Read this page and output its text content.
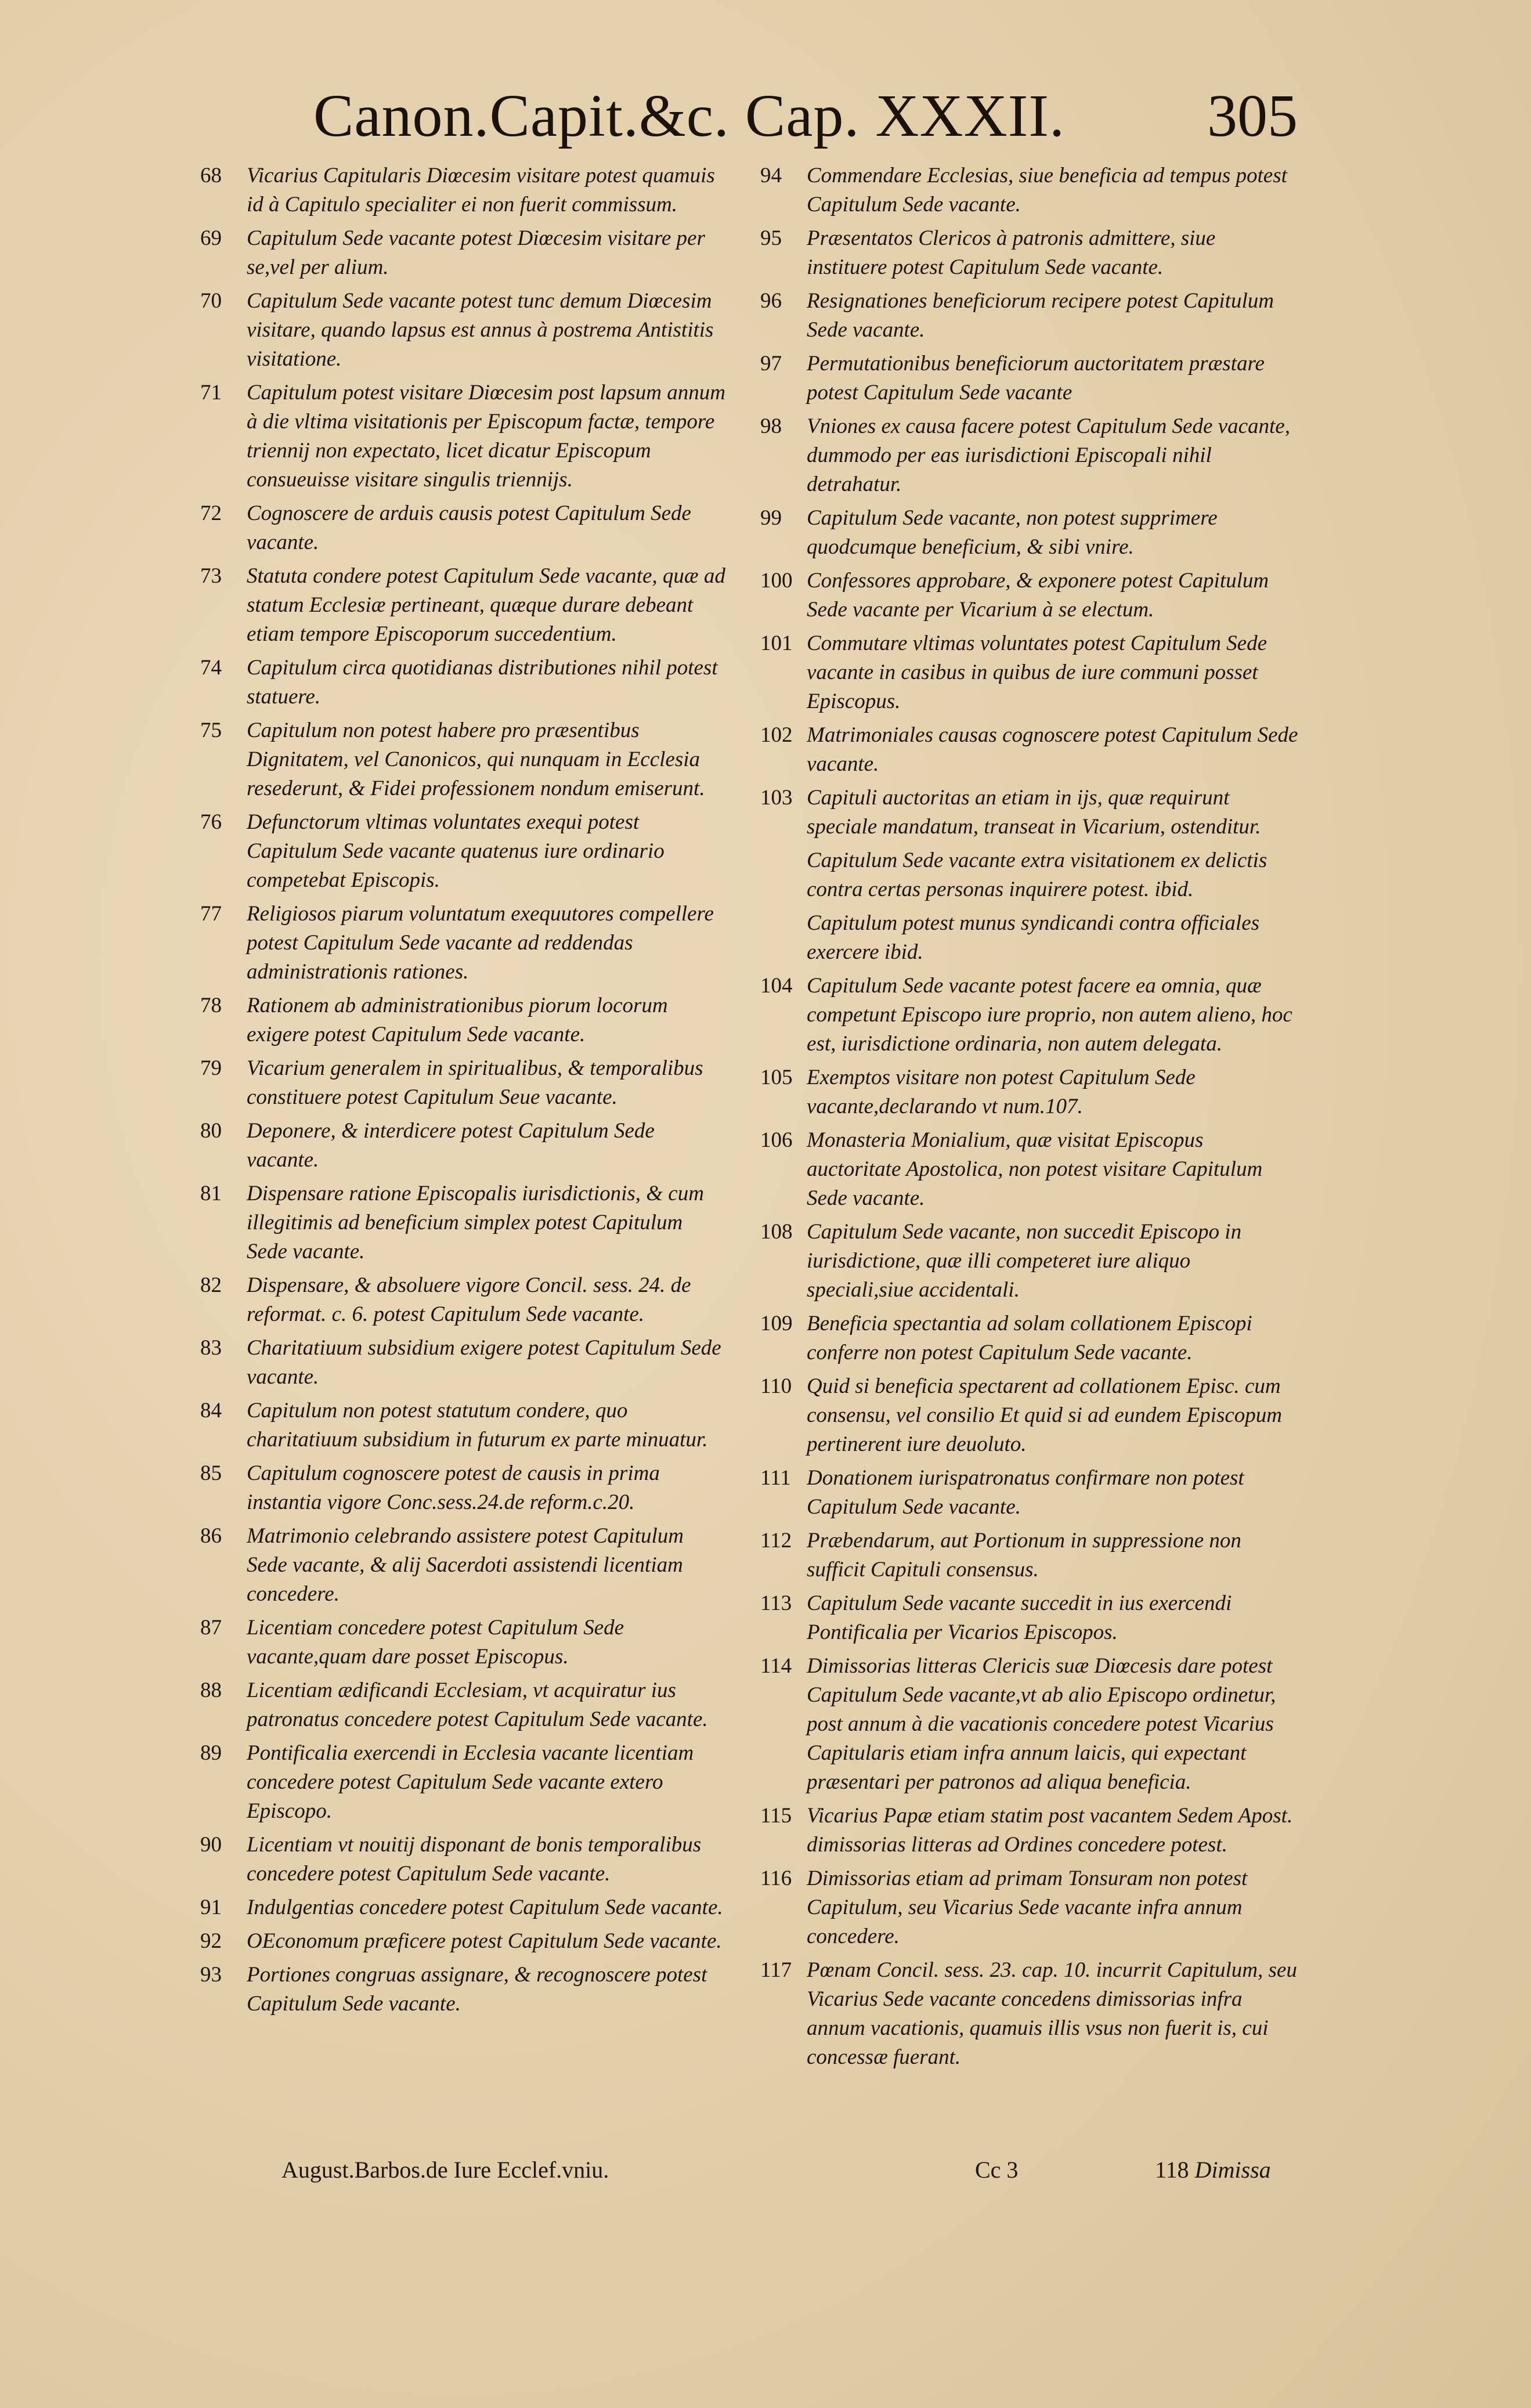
Canon.Capit.&c. Cap. XXXII. 305
68 Vicarius Capitularis Diœcesim visitare potest quamuis id à Capitulo specialiter ei non fuerit commissum.
69 Capitulum Sede vacante potest Diœcesim visitare per se,vel per alium.
70 Capitulum Sede vacante potest tunc demum Diœcesim visitare, quando lapsus est annus à postrema Antistitis visitatione.
71 Capitulum potest visitare Diœcesim post lapsum annum à die vltima visitationis per Episcopum factæ, tempore triennij non expectato, licet dicatur Episcopum consueuisse visitare singulis triennijs.
72 Cognoscere de arduis causis potest Capitulum Sede vacante.
73 Statuta condere potest Capitulum Sede vacante, quæ ad statum Ecclesiæ pertineant, quæque durare debeant etiam tempore Episcoporum succedentium.
74 Capitulum circa quotidianas distributiones nihil potest statuere.
75 Capitulum non potest habere pro præsentibus Dignitatem, vel Canonicos, qui nunquam in Ecclesia resederunt, & Fidei professionem nondum emiserunt.
76 Defunctorum vltimas voluntates exequi potest Capitulum Sede vacante quatenus iure ordinario competebat Episcopis.
77 Religiosos piarum voluntatum exequutores compellere potest Capitulum Sede vacante ad reddendas administrationis rationes.
78 Rationem ab administrationibus piorum locorum exigere potest Capitulum Sede vacante.
79 Vicarium generalem in spiritualibus, & temporalibus constituere potest Capitulum Seue vacante.
80 Deponere, & interdicere potest Capitulum Sede vacante.
81 Dispensare ratione Episcopalis iurisdictionis, & cum illegitimis ad beneficium simplex potest Capitulum Sede vacante.
82 Dispensare, & absoluere vigore Concil. sess. 24. de reformat. c. 6. potest Capitulum Sede vacante.
83 Charitatiuum subsidium exigere potest Capitulum Sede vacante.
84 Capitulum non potest statutum condere, quo charitatiuum subsidium in futurum ex parte minuatur.
85 Capitulum cognoscere potest de causis in prima instantia vigore Conc.sess.24.de reform.c.20.
86 Matrimonio celebrando assistere potest Capitulum Sede vacante, & alij Sacerdoti assistendi licentiam concedere.
87 Licentiam concedere potest Capitulum Sede vacante,quam dare posset Episcopus.
88 Licentiam ædificandi Ecclesiam, vt acquiratur ius patronatus concedere potest Capitulum Sede vacante.
89 Pontificalia exercendi in Ecclesia vacante licentiam concedere potest Capitulum Sede vacante extero Episcopo.
90 Licentiam vt nouitij disponant de bonis temporalibus concedere potest Capitulum Sede vacante.
91 Indulgentias concedere potest Capitulum Sede vacante.
92 OEconomum præficere potest Capitulum Sede vacante.
93 Portiones congruas assignare, & recognoscere potest Capitulum Sede vacante.
94 Commendare Ecclesias, siue beneficia ad tempus potest Capitulum Sede vacante.
95 Præsentatos Clericos à patronis admittere, siue instituere potest Capitulum Sede vacante.
96 Resignationes beneficiorum recipere potest Capitulum Sede vacante.
97 Permutationibus beneficiorum auctoritatem præstare potest Capitulum Sede vacante
98 Vniones ex causa facere potest Capitulum Sede vacante, dummodo per eas iurisdictioni Episcopali nihil detrahatur.
99 Capitulum Sede vacante, non potest supprimere quodcumque beneficium, & sibi vnire.
100 Confessores approbare, & exponere potest Capitulum Sede vacante per Vicarium à se electum.
101 Commutare vltimas voluntates potest Capitulum Sede vacante in casibus in quibus de iure communi posset Episcopus.
102 Matrimoniales causas cognoscere potest Capitulum Sede vacante.
103 Capituli auctoritas an etiam in ijs, quæ requirunt speciale mandatum, transeat in Vicarium, ostenditur.
Capitulum Sede vacante extra visitationem ex delictis contra certas personas inquirere potest. ibid.
Capitulum potest munus syndicandi contra officiales exercere ibid.
104 Capitulum Sede vacante potest facere ea omnia, quæ competunt Episcopo iure proprio, non autem alieno, hoc est, iurisdictione ordinaria, non autem delegata.
105 Exemptos visitare non potest Capitulum Sede vacante,declarando vt num.107.
106 Monasteria Monialium, quæ visitat Episcopus auctoritate Apostolica, non potest visitare Capitulum Sede vacante.
108 Capitulum Sede vacante, non succedit Episcopo in iurisdictione, quæ illi competeret iure aliquo speciali,siue accidentali.
109 Beneficia spectantia ad solam collationem Episcopi conferre non potest Capitulum Sede vacante.
110 Quid si beneficia spectarent ad collationem Episc. cum consensu, vel consilio Et quid si ad eundem Episcopum pertinerent iure deuoluto.
111 Donationem iurispatronatus confirmare non potest Capitulum Sede vacante.
112 Præbendarum, aut Portionum in suppressione non sufficit Capituli consensus.
113 Capitulum Sede vacante succedit in ius exercendi Pontificalia per Vicarios Episcopos.
114 Dimissorias litteras Clericis suæ Diœcesis dare potest Capitulum Sede vacante,vt ab alio Episcopo ordinetur, post annum à die vacationis concedere potest Vicarius Capitularis etiam infra annum laicis, qui expectant præsentari per patronos ad aliqua beneficia.
115 Vicarius Papæ etiam statim post vacantem Sedem Apost. dimissorias litteras ad Ordines concedere potest.
116 Dimissorias etiam ad primam Tonsuram non potest Capitulum, seu Vicarius Sede vacante infra annum concedere.
117 Pœnam Concil. sess. 23. cap. 10. incurrit Capitulum, seu Vicarius Sede vacante concedens dimissorias infra annum vacationis, quamuis illis vsus non fuerit is, cui concessæ fuerant.
August.Barbos.de Iure Ecclef.vniu.	Cc 3	118 Dimissa
